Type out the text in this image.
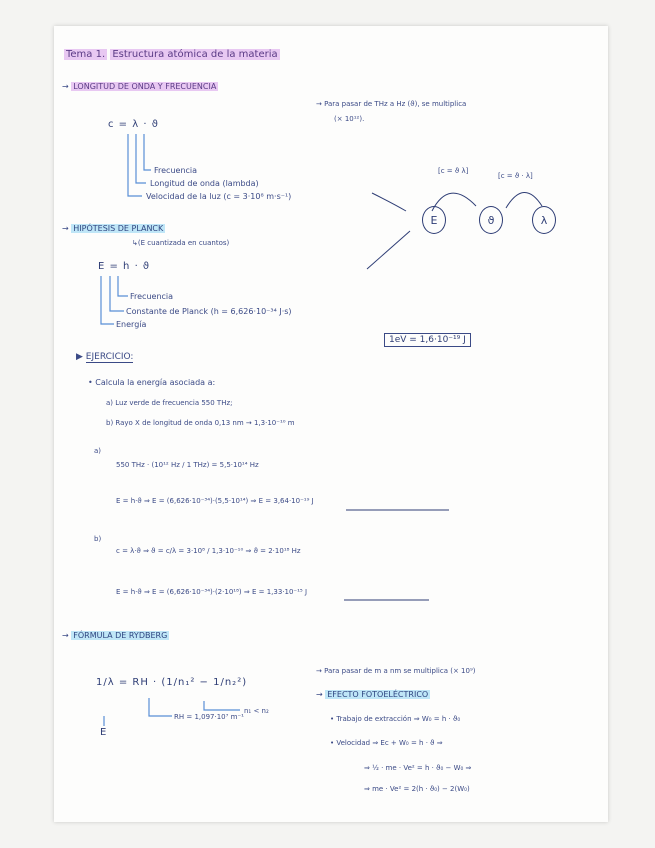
Tema 1. Estructura atómica de la materia
→ LONGITUD DE ONDA Y FRECUENCIA
c = λ · ϑ
Frecuencia
Longitud de onda (lambda)
Velocidad de la luz (c = 3·10⁸ m·s⁻¹)
→ Para pasar de THz a Hz (ϑ), se multiplica
(× 10¹²).
[c = ϑ λ]
[c = ϑ · λ]
E	ϑ	λ
→ HIPÓTESIS DE PLANCK
↳(E cuantizada en cuantos)
E = h · ϑ
Frecuencia
Constante de Planck (h = 6,626·10⁻³⁴ J·s)
Energía
1eV = 1,6·10⁻¹⁹ J
▶ EJERCICIO:
• Calcula la energía asociada a:
a) Luz verde de frecuencia 550 THz;
b) Rayo X de longitud de onda 0,13 nm → 1,3·10⁻¹⁰ m
a)
550 THz · (10¹² Hz / 1 THz) = 5,5·10¹⁴ Hz
E = h·ϑ ⇒ E = (6,626·10⁻³⁴)·(5,5·10¹⁴) ⇒ E = 3,64·10⁻¹⁹ J
b)
c = λ·ϑ ⇒ ϑ = c/λ = 3·10⁸ / 1,3·10⁻¹⁰ ⇒ ϑ = 2·10¹⁸ Hz
E = h·ϑ ⇒ E = (6,626·10⁻³⁴)·(2·10¹⁸) ⇒ E = 1,33·10⁻¹⁵ J
→ FÓRMULA DE RYDBERG
1/λ = RH · (1/n₁² − 1/n₂²)
E
n₁ < n₂
RH = 1,097·10⁷ m⁻¹
→ Para pasar de m a nm se multiplica (× 10⁹)
→ EFECTO FOTOELÉCTRICO
• Trabajo de extracción ⇒ W₀ = h · ϑ₀
• Velocidad ⇒ Ec + W₀ = h · ϑ ⇒
⇒ ½ · me · Ve² = h · ϑ₀ − W₀ ⇒
⇒ me · Ve² = 2(h · ϑ₀) − 2(W₀)
